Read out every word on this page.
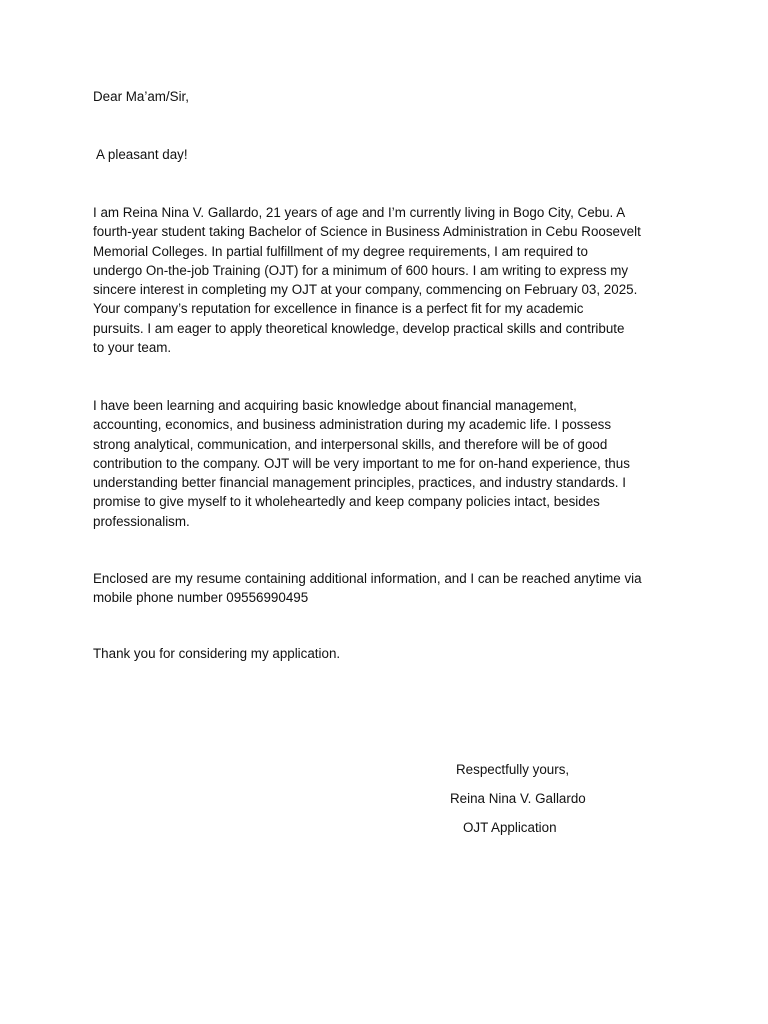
Dear Ma’am/Sir,

A pleasant day!

I am Reina Nina V. Gallardo, 21 years of age and I’m currently living in Bogo City, Cebu. A
fourth-year student taking Bachelor of Science in Business Administration in Cebu Roosevelt
Memorial Colleges. In partial fulfillment of my degree requirements, I am required to
undergo On-the-job Training (OJT) for a minimum of 600 hours. I am writing to express my
sincere interest in completing my OJT at your company, commencing on February 03, 2025.
Your company’s reputation for excellence in finance is a perfect fit for my academic
pursuits. I am eager to apply theoretical knowledge, develop practical skills and contribute
to your team.

I have been learning and acquiring basic knowledge about financial management,
accounting, economics, and business administration during my academic life. I possess
strong analytical, communication, and interpersonal skills, and therefore will be of good
contribution to the company. OJT will be very important to me for on-hand experience, thus
understanding better financial management principles, practices, and industry standards. I
promise to give myself to it wholeheartedly and keep company policies intact, besides
professionalism.

Enclosed are my resume containing additional information, and I can be reached anytime via
mobile phone number 09556990495

Thank you for considering my application.

Respectfully yours,
Reina Nina V. Gallardo
OJT Application
